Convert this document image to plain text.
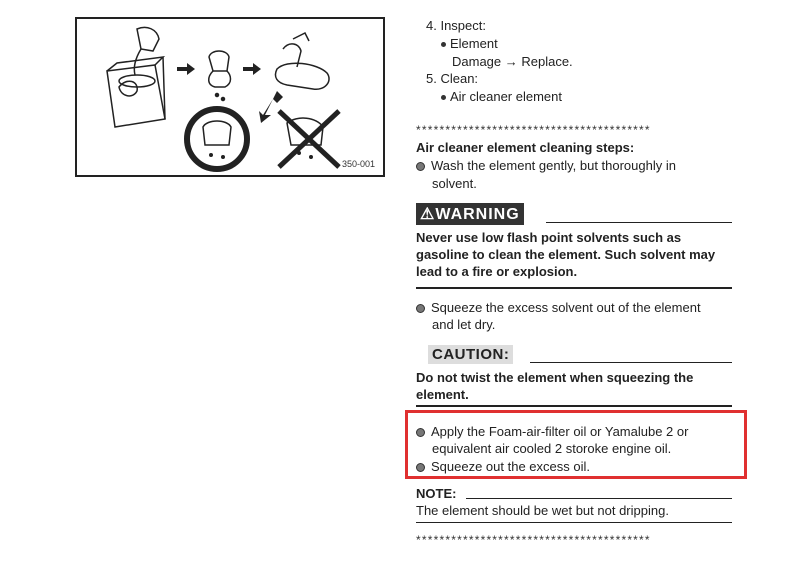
350-001
4. Inspect:
Element
Damage → Replace.
5. Clean:
Air cleaner element
****************************************
Air cleaner element cleaning steps:
Wash the element gently, but thoroughly in
solvent.
⚠WARNING
Never use low flash point solvents such as
gasoline to clean the element. Such solvent may
lead to a fire or explosion.
Squeeze the excess solvent out of the element
and let dry.
CAUTION:
Do not twist the element when squeezing the
element.
Apply the Foam-air-filter oil or Yamalube 2 or
equivalent air cooled 2 storoke engine oil.
Squeeze out the excess oil.
NOTE:
The element should be wet but not dripping.
****************************************
